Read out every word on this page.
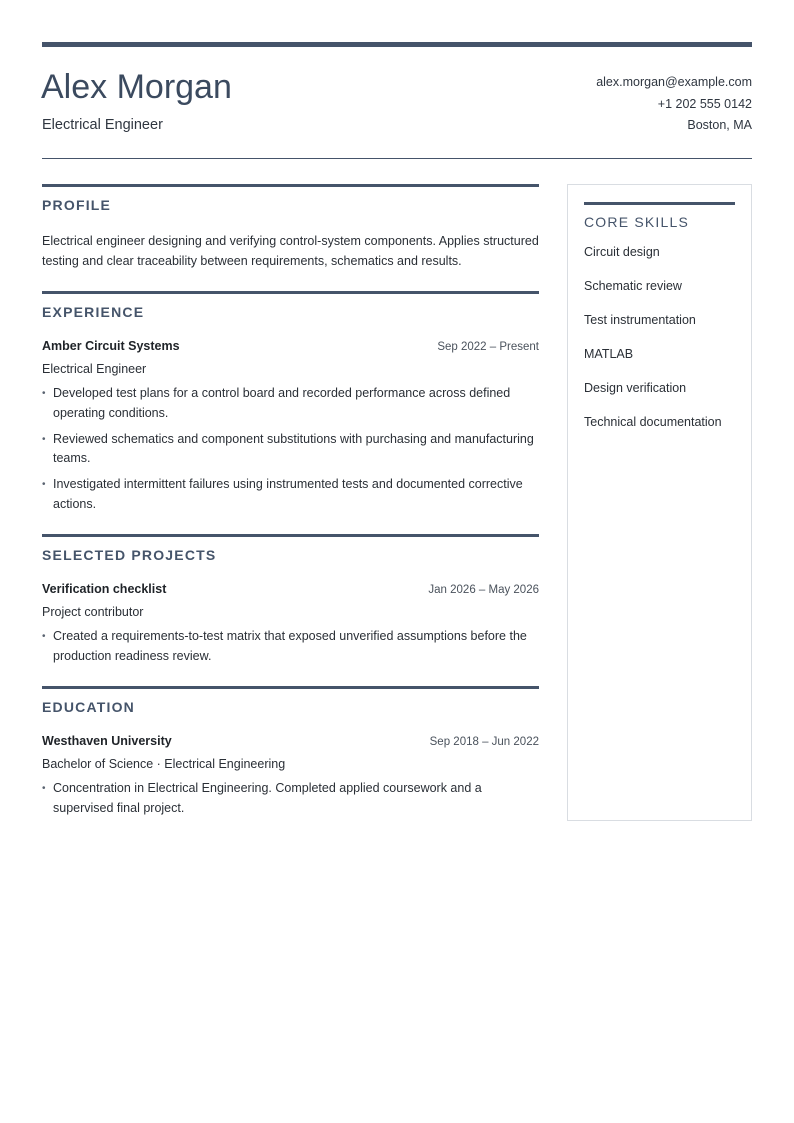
Alex Morgan
Electrical Engineer
alex.morgan@example.com
+1 202 555 0142
Boston, MA
PROFILE

Electrical engineer designing and verifying control-system components. Applies structured testing and clear traceability between requirements, schematics and results.

EXPERIENCE
Amber Circuit Systems	Sep 2022 – Present
Electrical Engineer
• Developed test plans for a control board and recorded performance across defined operating conditions.
• Reviewed schematics and component substitutions with purchasing and manufacturing teams.
• Investigated intermittent failures using instrumented tests and documented corrective actions.
SELECTED PROJECTS
Verification checklist	Jan 2026 – May 2026
Project contributor
• Created a requirements-to-test matrix that exposed unverified assumptions before the production readiness review.
EDUCATION
Westhaven University	Sep 2018 – Jun 2022
Bachelor of Science · Electrical Engineering
• Concentration in Electrical Engineering. Completed applied coursework and a supervised final project.
CORE SKILLS
Circuit design
Schematic review
Test instrumentation
MATLAB
Design verification
Technical documentation
